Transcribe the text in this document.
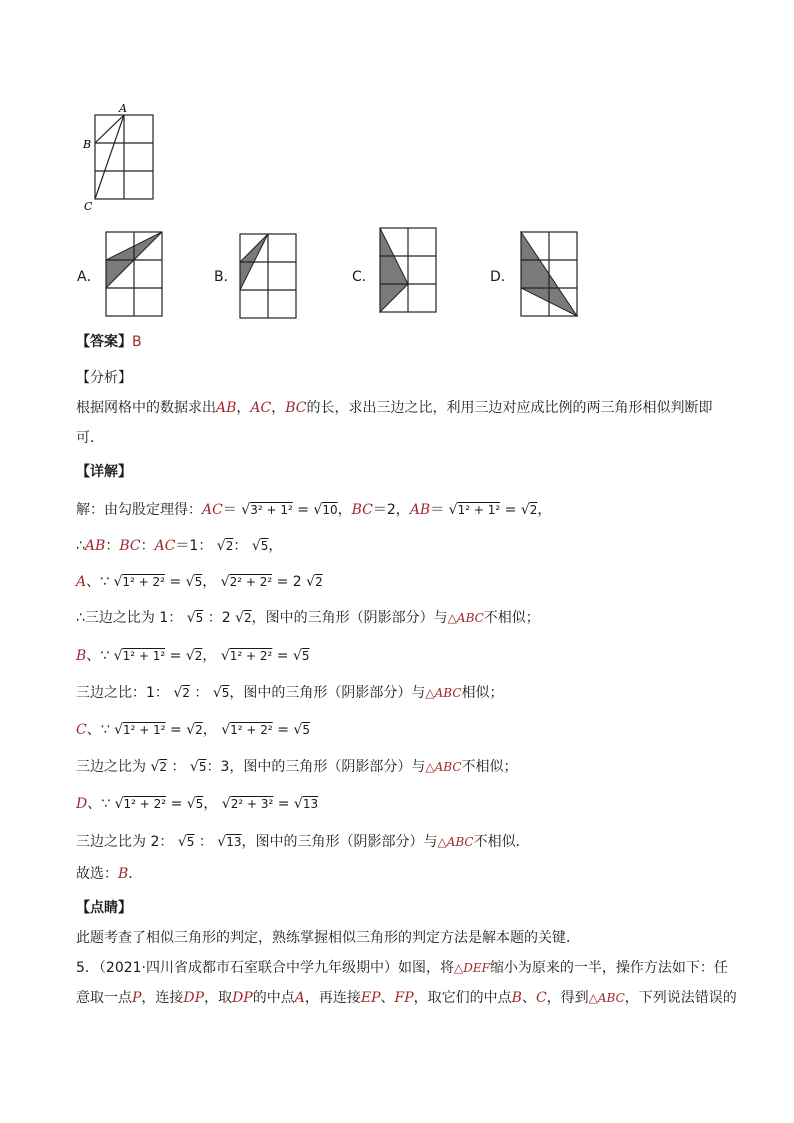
A
B
C
A．	B．	C．	D．
【答案】B
【分析】
根据网格中的数据求出AB，AC，BC的长，求出三边之比，利用三边对应成比例的两三角形相似判断即
可．
【详解】
解：由勾股定理得：AC＝ √3² + 1² = √10，BC＝2，AB＝ √1² + 1² = √2，
∴AB：BC：AC＝1： √2： √5，
A、∵ √1² + 2² = √5， √2² + 2² = 2 √2
∴三边之比为 1： √5 ：2 √2，图中的三角形（阴影部分）与△ABC不相似；
B、∵ √1² + 1² = √2， √1² + 2² = √5
三边之比：1： √2 ： √5，图中的三角形（阴影部分）与△ABC相似；
C、∵ √1² + 1² = √2， √1² + 2² = √5
三边之比为 √2 ： √5：3，图中的三角形（阴影部分）与△ABC不相似；
D、∵ √1² + 2² = √5， √2² + 3² = √13
三边之比为 2： √5 ： √13，图中的三角形（阴影部分）与△ABC不相似．
故选：B．
【点睛】
此题考查了相似三角形的判定，熟练掌握相似三角形的判定方法是解本题的关键．
5．（2021·四川省成都市石室联合中学九年级期中）如图，将△DEF缩小为原来的一半，操作方法如下：任
意取一点P，连接DP，取DP的中点A，再连接EP、FP，取它们的中点B、C，得到△ABC，下列说法错误的
